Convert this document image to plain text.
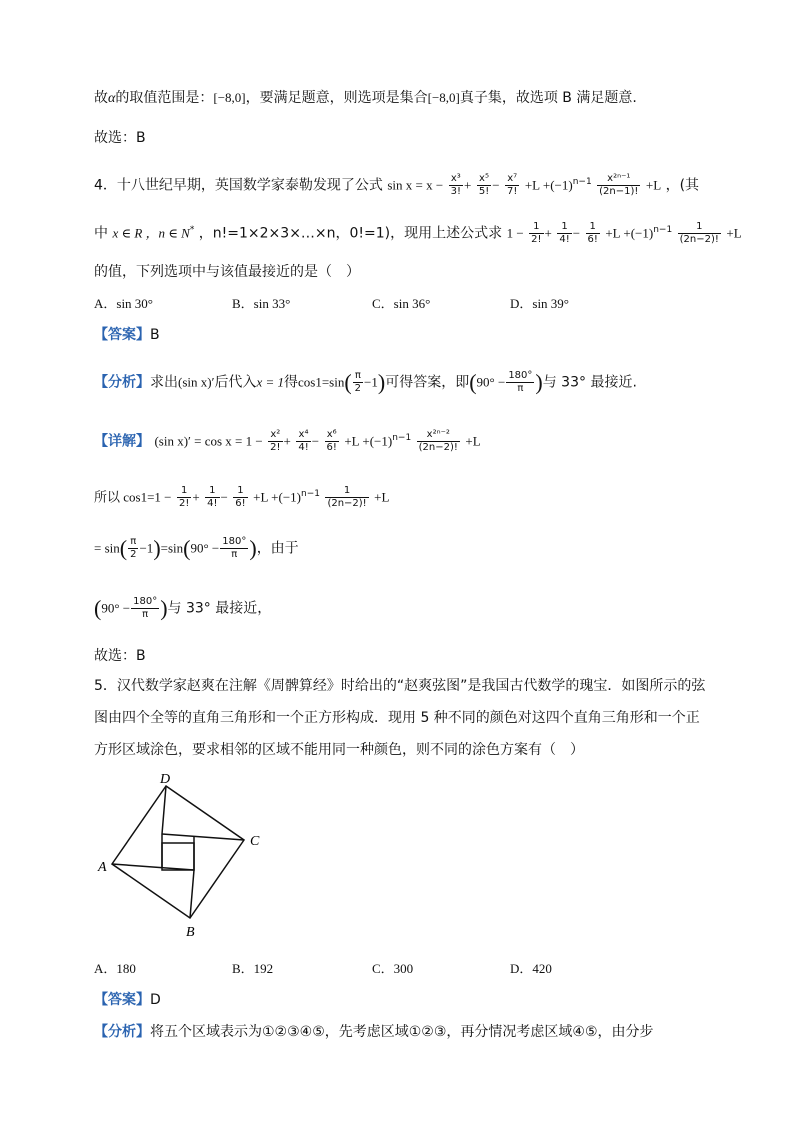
故α的取值范围是：[−8,0]，要满足题意，则选项是集合[−8,0]真子集，故选项 B 满足题意.
故选：B
4．十八世纪早期，英国数学家泰勒发现了公式 $\sin x = x - \frac{\text{x³}}{3!} + \frac{\text{x⁵}}{5!} - \frac{\text{x⁷}}{7!} +L +(-1)^{n-1} \frac{\text{x²ⁿ⁻¹}}{(2n-1)!} +L$ ，(其
中 x ∈ R ，n ∈ N* ，n!=1×2×3×…×n，0!=1)，现用上述公式求 $1 - \frac{1}{2!} + \frac{1}{4!} - \frac{1}{6!} +L +(-1)^{n-1} \frac{1}{(2n-2)!} +L$
的值，下列选项中与该值最接近的是（　）
A．sin 30°	B．sin 33°	C．sin 36°	D．sin 39°
【答案】B
【分析】求出(sin x)′后代入x = 1得$\cos 1=\sin( \frac{\pi}{2} -1)$可得答案，即($90^\circ - \frac{180^\circ}{\pi}$ )与 33° 最接近.
【详解】 (sin $x)' = \cos x = 1 - \frac{\text{x²}}{2!} + \frac{\text{x⁴}}{4!} - \frac{\text{x⁶}}{6!} +L +(-1)^{n-1} \frac{\text{x²ⁿ⁻²}}{(2n-2)!} +L$
所以 $\cos 1=1 - \frac{1}{2!} + \frac{1}{4!} - \frac{1}{6!} +L +(-1)^{n-1} \frac{1}{(2n-2)!} +L$
= $\sin( \frac{\pi}{2} -1)=\sin(90^\circ - \frac{180^\circ}{\pi}$ )，由于
($90^\circ - \frac{180^\circ}{\pi}$ )与 33° 最接近，
故选：B
5．汉代数学家赵爽在注解《周髀算经》时给出的“赵爽弦图”是我国古代数学的瑰宝．如图所示的弦
图由四个全等的直角三角形和一个正方形构成．现用 5 种不同的颜色对这四个直角三角形和一个正
方形区域涂色，要求相邻的区域不能用同一种颜色，则不同的涂色方案有（　）
D
C
A
B
A．180	B．192	C．300	D．420
【答案】D
【分析】将五个区域表示为①②③④⑤，先考虑区域①②③，再分情况考虑区域④⑤，由分步
